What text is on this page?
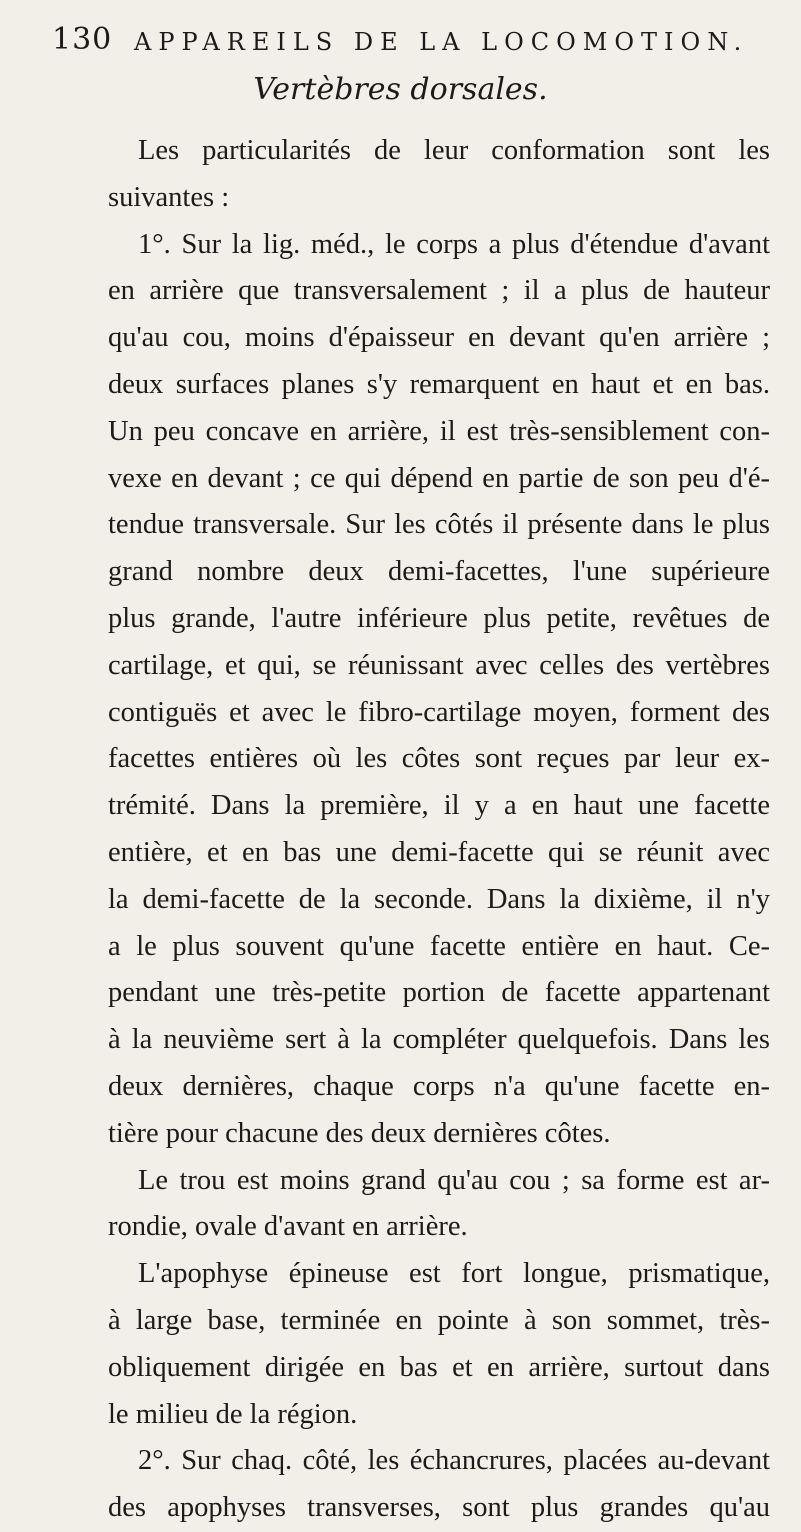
130 APPAREILS DE LA LOCOMOTION.
Vertèbres dorsales.
Les particularités de leur conformation sont les
suivantes :
1°. Sur la lig. méd., le corps a plus d'étendue d'avant
en arrière que transversalement ; il a plus de hauteur
qu'au cou, moins d'épaisseur en devant qu'en arrière ;
deux surfaces planes s'y remarquent en haut et en bas.
Un peu concave en arrière, il est très-sensiblement con-
vexe en devant ; ce qui dépend en partie de son peu d'é-
tendue transversale. Sur les côtés il présente dans le plus
grand nombre deux demi-facettes, l'une supérieure
plus grande, l'autre inférieure plus petite, revêtues de
cartilage, et qui, se réunissant avec celles des vertèbres
contiguës et avec le fibro-cartilage moyen, forment des
facettes entières où les côtes sont reçues par leur ex-
trémité. Dans la première, il y a en haut une facette
entière, et en bas une demi-facette qui se réunit avec
la demi-facette de la seconde. Dans la dixième, il n'y
a le plus souvent qu'une facette entière en haut. Ce-
pendant une très-petite portion de facette appartenant
à la neuvième sert à la compléter quelquefois. Dans les
deux dernières, chaque corps n'a qu'une facette en-
tière pour chacune des deux dernières côtes.
Le trou est moins grand qu'au cou ; sa forme est ar-
rondie, ovale d'avant en arrière.
L'apophyse épineuse est fort longue, prismatique,
à large base, terminée en pointe à son sommet, très-
obliquement dirigée en bas et en arrière, surtout dans
le milieu de la région.
2°. Sur chaq. côté, les échancrures, placées au-devant
des apophyses transverses, sont plus grandes qu'au
